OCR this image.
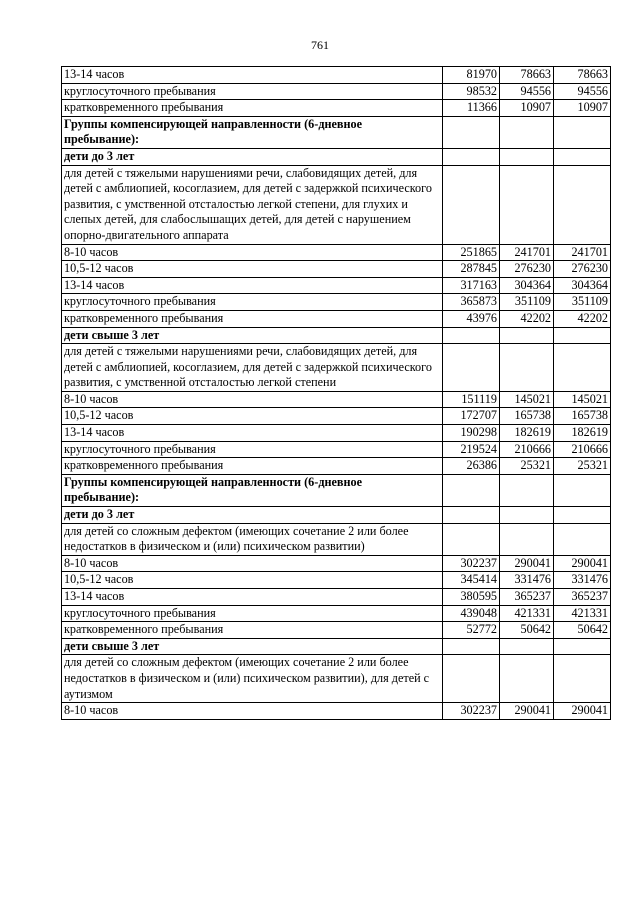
761
13-14 часов	81970	78663	78663
круглосуточного пребывания	98532	94556	94556
кратковременного пребывания	11366	10907	10907
Группы компенсирующей направленности (6-дневное пребывание):			
дети до 3 лет			
для детей с тяжелыми нарушениями речи, слабовидящих детей, для детей с амблиопией, косоглазием, для детей с задержкой психического развития, с умственной отсталостью легкой степени, для глухих и слепых детей, для слабослышащих детей, для детей с нарушением опорно-двигательного аппарата			
8-10 часов	251865	241701	241701
10,5-12 часов	287845	276230	276230
13-14 часов	317163	304364	304364
круглосуточного пребывания	365873	351109	351109
кратковременного пребывания	43976	42202	42202
дети свыше 3 лет			
для детей с тяжелыми нарушениями речи, слабовидящих детей, для детей с амблиопией, косоглазием, для детей с задержкой психического развития, с умственной отсталостью легкой степени			
8-10 часов	151119	145021	145021
10,5-12 часов	172707	165738	165738
13-14 часов	190298	182619	182619
круглосуточного пребывания	219524	210666	210666
кратковременного пребывания	26386	25321	25321
Группы компенсирующей направленности (6-дневное пребывание):			
дети до 3 лет			
для детей со сложным дефектом (имеющих сочетание 2 или более недостатков в физическом и (или) психическом развитии)			
8-10 часов	302237	290041	290041
10,5-12 часов	345414	331476	331476
13-14 часов	380595	365237	365237
круглосуточного пребывания	439048	421331	421331
кратковременного пребывания	52772	50642	50642
дети свыше 3 лет			
для детей со сложным дефектом (имеющих сочетание 2 или более недостатков в физическом и (или) психическом развитии), для детей с аутизмом			
8-10 часов	302237	290041	290041
